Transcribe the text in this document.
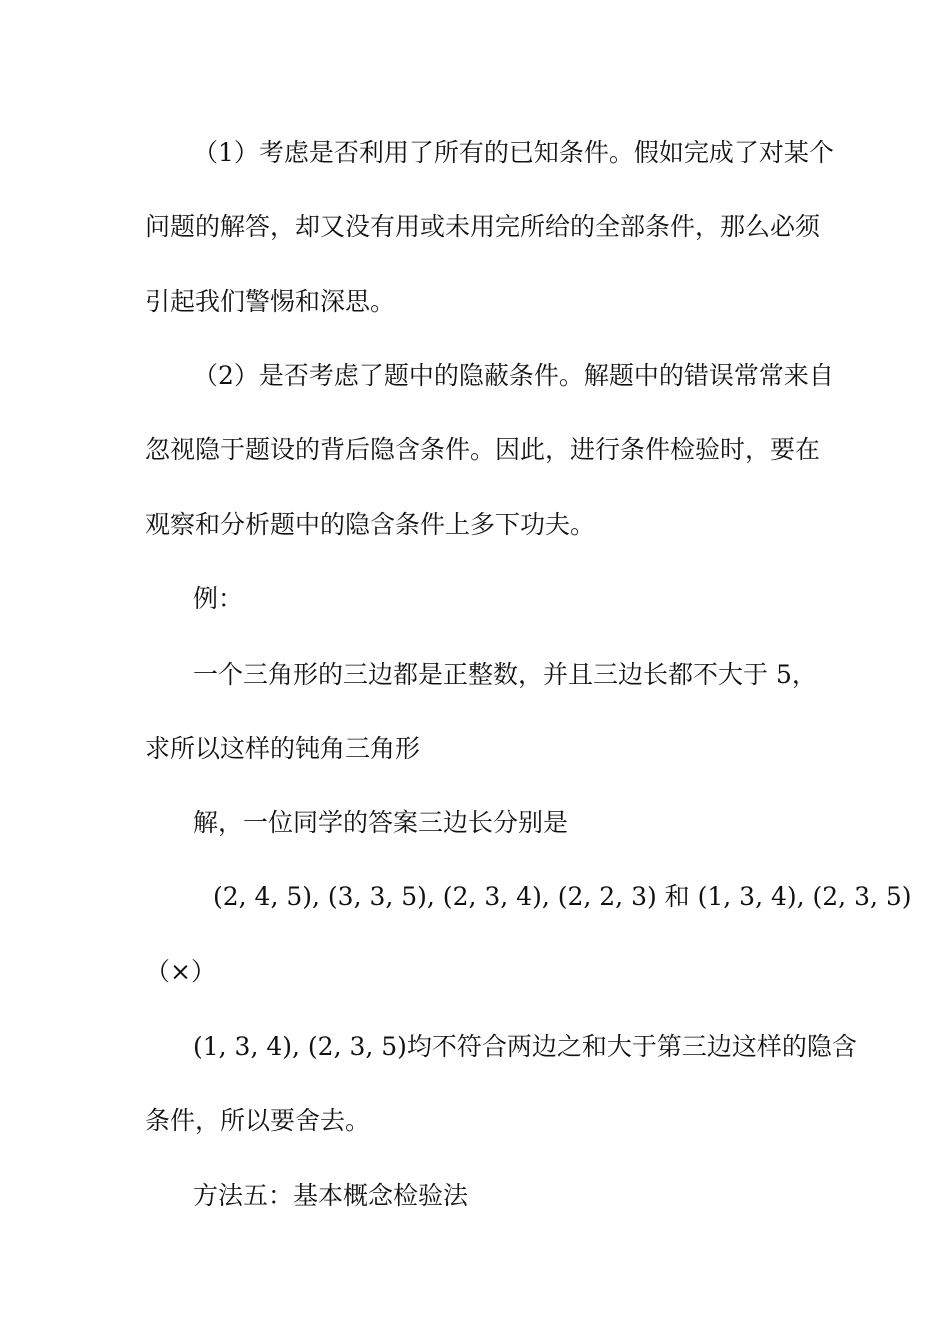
（1）考虑是否利用了所有的已知条件。假如完成了对某个
问题的解答，却又没有用或未用完所给的全部条件，那么必须
引起我们警惕和深思。
（2）是否考虑了题中的隐蔽条件。解题中的错误常常来自
忽视隐于题设的背后隐含条件。因此，进行条件检验时，要在
观察和分析题中的隐含条件上多下功夫。
例：
一个三角形的三边都是正整数，并且三边长都不大于 5，
求所以这样的钝角三角形
解，一位同学的答案三边长分别是
(2, 4, 5), (3, 3, 5), (2, 3, 4), (2, 2, 3) 和 (1, 3, 4), (2, 3, 5)
（×）
(1, 3, 4), (2, 3, 5)均不符合两边之和大于第三边这样的隐含
条件，所以要舍去。
方法五：基本概念检验法
